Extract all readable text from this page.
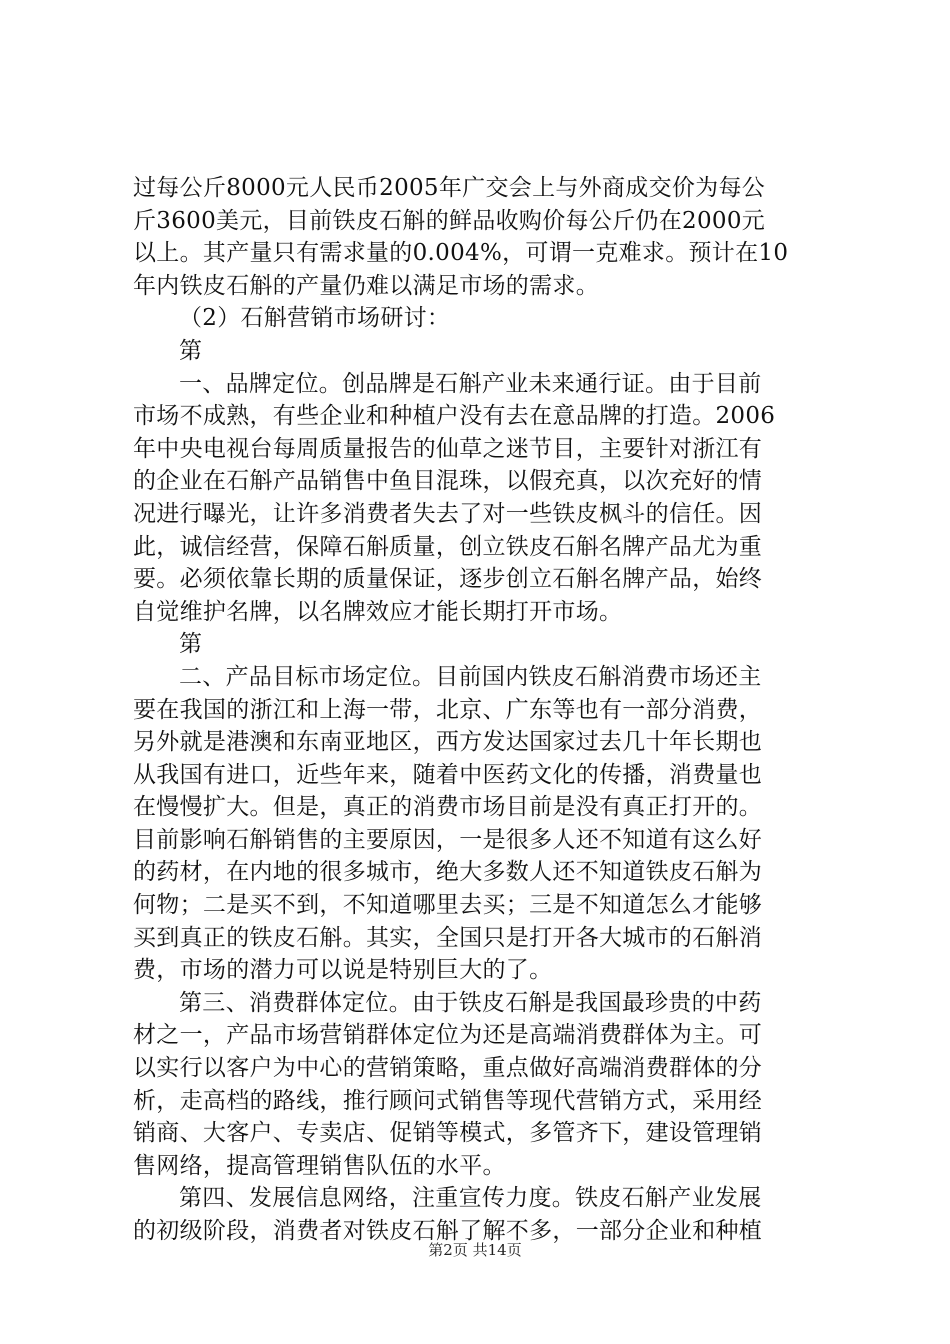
过每公斤8000元人民币2005年广交会上与外商成交价为每公
斤3600美元，目前铁皮石斛的鲜品收购价每公斤仍在2000元
以上。其产量只有需求量的0.004%，可谓一克难求。预计在10
年内铁皮石斛的产量仍难以满足市场的需求。
（2）石斛营销市场研讨：
第
一、品牌定位。创品牌是石斛产业未来通行证。由于目前
市场不成熟，有些企业和种植户没有去在意品牌的打造。2006
年中央电视台每周质量报告的仙草之迷节目，主要针对浙江有
的企业在石斛产品销售中鱼目混珠，以假充真，以次充好的情
况进行曝光，让许多消费者失去了对一些铁皮枫斗的信任。因
此，诚信经营，保障石斛质量，创立铁皮石斛名牌产品尤为重
要。必须依靠长期的质量保证，逐步创立石斛名牌产品，始终
自觉维护名牌，以名牌效应才能长期打开市场。
第
二、产品目标市场定位。目前国内铁皮石斛消费市场还主
要在我国的浙江和上海一带，北京、广东等也有一部分消费，
另外就是港澳和东南亚地区，西方发达国家过去几十年长期也
从我国有进口，近些年来，随着中医药文化的传播，消费量也
在慢慢扩大。但是，真正的消费市场目前是没有真正打开的。
目前影响石斛销售的主要原因，一是很多人还不知道有这么好
的药材，在内地的很多城市，绝大多数人还不知道铁皮石斛为
何物；二是买不到，不知道哪里去买；三是不知道怎么才能够
买到真正的铁皮石斛。其实，全国只是打开各大城市的石斛消
费，市场的潜力可以说是特别巨大的了。
第三、消费群体定位。由于铁皮石斛是我国最珍贵的中药
材之一，产品市场营销群体定位为还是高端消费群体为主。可
以实行以客户为中心的营销策略，重点做好高端消费群体的分
析，走高档的路线，推行顾问式销售等现代营销方式，采用经
销商、大客户、专卖店、促销等模式，多管齐下，建设管理销
售网络，提高管理销售队伍的水平。
第四、发展信息网络，注重宣传力度。铁皮石斛产业发展
的初级阶段，消费者对铁皮石斛了解不多，一部分企业和种植
第2页 共14页
